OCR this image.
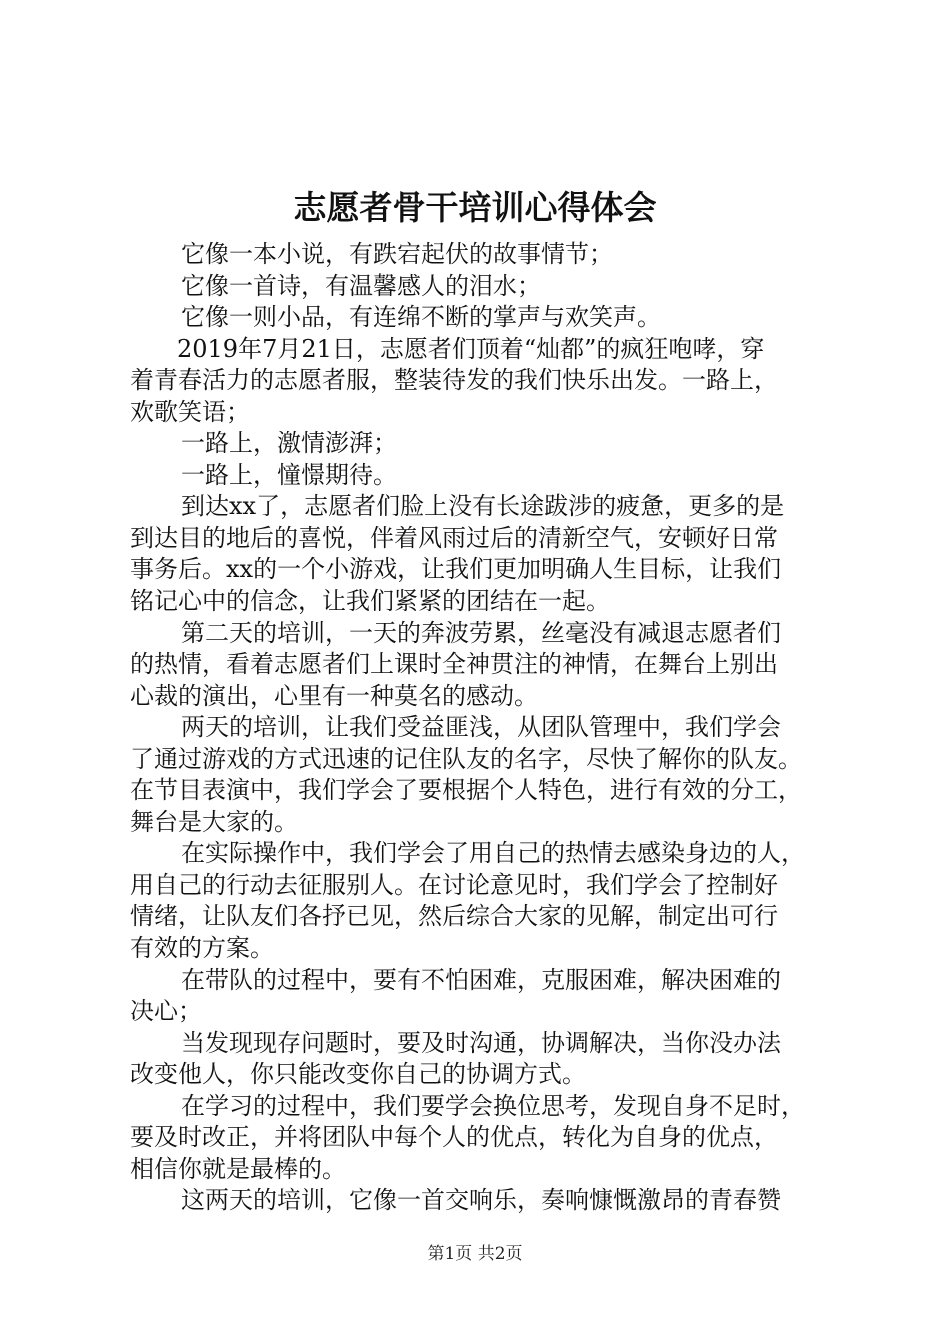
志愿者骨干培训心得体会
它像一本小说，有跌宕起伏的故事情节；
它像一首诗，有温馨感人的泪水；
它像一则小品，有连绵不断的掌声与欢笑声。
2019年7月21日，志愿者们顶着“灿都”的疯狂咆哮，穿
着青春活力的志愿者服，整装待发的我们快乐出发。一路上，
欢歌笑语；
一路上，激情澎湃；
一路上，憧憬期待。
到达xx了，志愿者们脸上没有长途跋涉的疲惫，更多的是
到达目的地后的喜悦，伴着风雨过后的清新空气，安顿好日常
事务后。xx的一个小游戏，让我们更加明确人生目标，让我们
铭记心中的信念，让我们紧紧的团结在一起。
第二天的培训，一天的奔波劳累，丝毫没有减退志愿者们
的热情，看着志愿者们上课时全神贯注的神情，在舞台上别出
心裁的演出，心里有一种莫名的感动。
两天的培训，让我们受益匪浅，从团队管理中，我们学会
了通过游戏的方式迅速的记住队友的名字，尽快了解你的队友。
在节目表演中，我们学会了要根据个人特色，进行有效的分工，
舞台是大家的。
在实际操作中，我们学会了用自己的热情去感染身边的人，
用自己的行动去征服别人。在讨论意见时，我们学会了控制好
情绪，让队友们各抒已见，然后综合大家的见解，制定出可行
有效的方案。
在带队的过程中，要有不怕困难，克服困难，解决困难的
决心；
当发现现存问题时，要及时沟通，协调解决，当你没办法
改变他人，你只能改变你自己的协调方式。
在学习的过程中，我们要学会换位思考，发现自身不足时，
要及时改正，并将团队中每个人的优点，转化为自身的优点，
相信你就是最棒的。
这两天的培训，它像一首交响乐，奏响慷慨激昂的青春赞
第1页 共2页
